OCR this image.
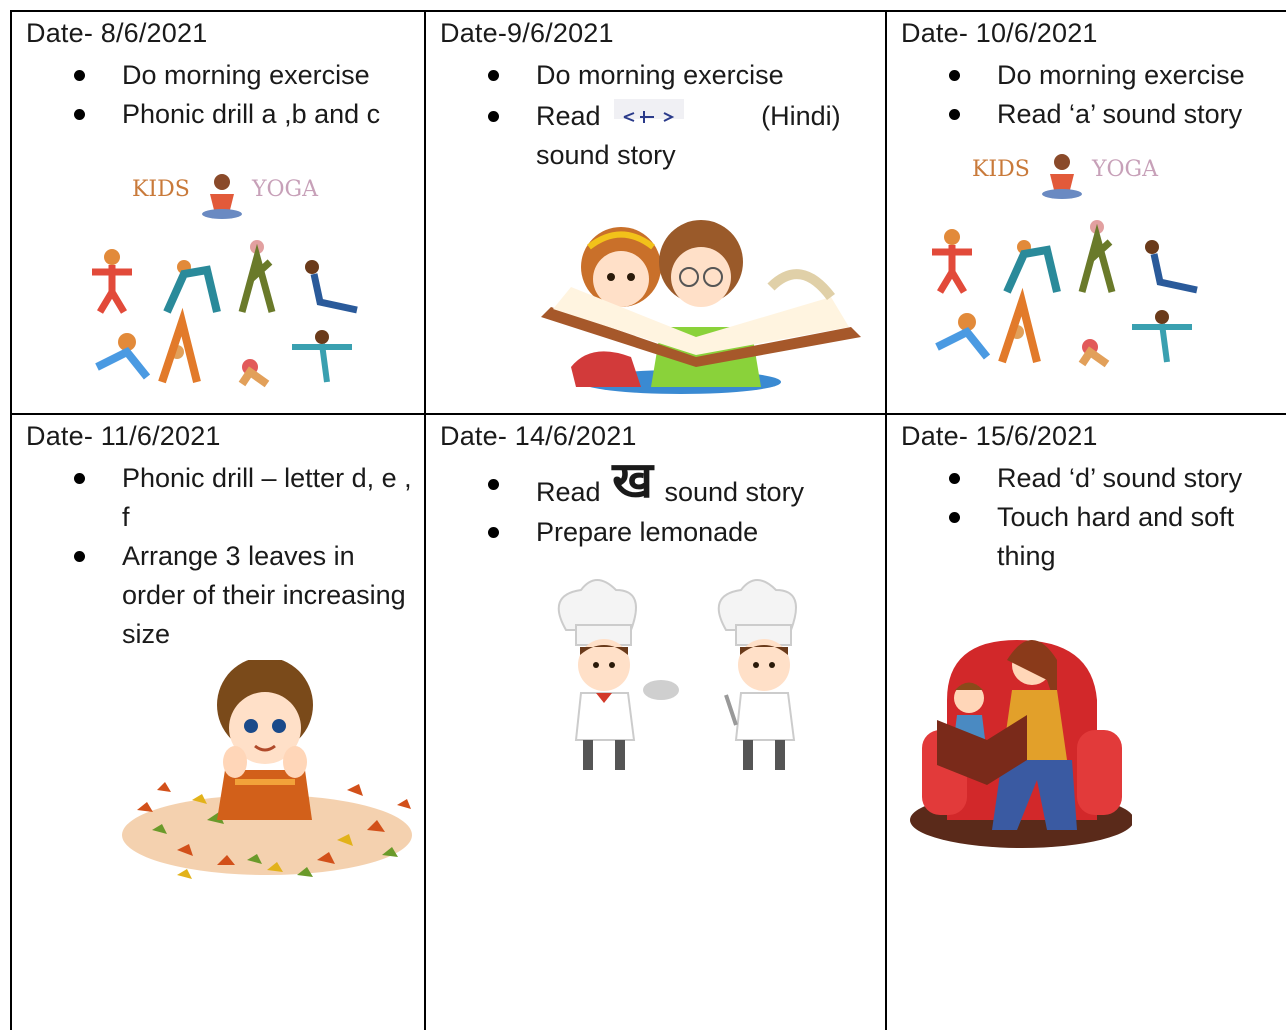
Date- 8/6/2021
Do morning exercise
Phonic drill a ,b and c
KIDS	YOGA
Date-9/6/2021
Do morning exercise
Read	(Hindi)
sound story
Date- 10/6/2021
Do morning exercise
Read ‘a’ sound story
KIDS	YOGA
Date- 11/6/2021
Phonic drill – letter d, e , f
Arrange 3 leaves in order of their increasing size
Date- 14/6/2021
Read ख sound story
Prepare lemonade
Date- 15/6/2021
Read ‘d’ sound story
Touch hard and soft thing
